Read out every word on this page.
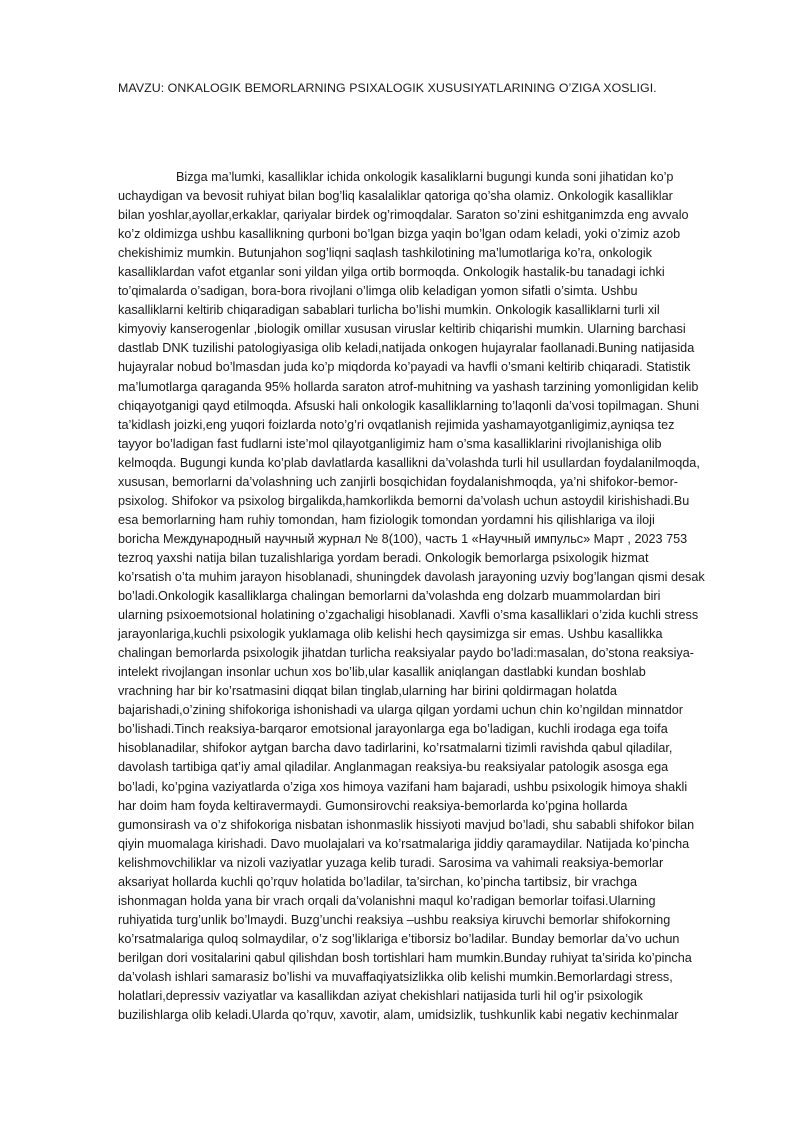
MAVZU: ONKALOGIK BEMORLARNING PSIXALOGIK XUSUSIYATLARINING O’ZIGA XOSLIGI.
Bizga ma’lumki, kasalliklar ichida onkologik kasaliklarni bugungi kunda soni jihatidan ko’p
uchaydigan va bevosit ruhiyat bilan bog’liq kasalaliklar qatoriga qo’sha olamiz. Onkologik kasalliklar
bilan yoshlar,ayollar,erkaklar, qariyalar birdek og’rimoqdalar. Saraton so’zini eshitganimzda eng avvalo
ko’z oldimizga ushbu kasallikning qurboni bo’lgan bizga yaqin bo’lgan odam keladi, yoki o’zimiz azob
chekishimiz mumkin. Butunjahon sog’liqni saqlash tashkilotining ma’lumotlariga ko’ra, onkologik
kasalliklardan vafot etganlar soni yildan yilga ortib bormoqda. Onkologik hastalik-bu tanadagi ichki
to’qimalarda o’sadigan, bora-bora rivojlani o’limga olib keladigan yomon sifatli o’simta. Ushbu
kasalliklarni keltirib chiqaradigan sabablari turlicha bo’lishi mumkin. Onkologik kasalliklarni turli xil
kimyoviy kanserogenlar ,biologik omillar xususan viruslar keltirib chiqarishi mumkin. Ularning barchasi
dastlab DNK tuzilishi patologiyasiga olib keladi,natijada onkogen hujayralar faollanadi.Buning natijasida
hujayralar nobud bo’lmasdan juda ko’p miqdorda ko’payadi va havfli o’smani keltirib chiqaradi. Statistik
ma’lumotlarga qaraganda 95% hollarda saraton atrof-muhitning va yashash tarzining yomonligidan kelib
chiqayotganigi qayd etilmoqda. Afsuski hali onkologik kasalliklarning to’laqonli da’vosi topilmagan. Shuni
ta’kidlash joizki,eng yuqori foizlarda noto’g’ri ovqatlanish rejimida yashamayotganligimiz,ayniqsa tez
tayyor bo’ladigan fast fudlarni iste’mol qilayotganligimiz ham o’sma kasalliklarini rivojlanishiga olib
kelmoqda. Bugungi kunda ko’plab davlatlarda kasallikni da’volashda turli hil usullardan foydalanilmoqda,
xususan, bemorlarni da’volashning uch zanjirli bosqichidan foydalanishmoqda, ya’ni shifokor-bemor-
psixolog. Shifokor va psixolog birgalikda,hamkorlikda bemorni da’volash uchun astoydil kirishishadi.Bu
esa bemorlarning ham ruhiy tomondan, ham fiziologik tomondan yordamni his qilishlariga va iloji
boricha Международный научный журнал № 8(100), часть 1 «Научный импульс» Март , 2023 753
tezroq yaxshi natija bilan tuzalishlariga yordam beradi. Onkologik bemorlarga psixologik hizmat
ko’rsatish o’ta muhim jarayon hisoblanadi, shuningdek davolash jarayoning uzviy bog’langan qismi desak
bo’ladi.Onkologik kasalliklarga chalingan bemorlarni da’volashda eng dolzarb muammolardan biri
ularning psixoemotsional holatining o’zgachaligi hisoblanadi. Xavfli o’sma kasalliklari o’zida kuchli stress
jarayonlariga,kuchli psixologik yuklamaga olib kelishi hech qaysimizga sir emas. Ushbu kasallikka
chalingan bemorlarda psixologik jihatdan turlicha reaksiyalar paydo bo’ladi:masalan, do’stona reaksiya-
intelekt rivojlangan insonlar uchun xos bo’lib,ular kasallik aniqlangan dastlabki kundan boshlab
vrachning har bir ko’rsatmasini diqqat bilan tinglab,ularning har birini qoldirmagan holatda
bajarishadi,o’zining shifokoriga ishonishadi va ularga qilgan yordami uchun chin ko’ngildan minnatdor
bo’lishadi.Tinch reaksiya-barqaror emotsional jarayonlarga ega bo’ladigan, kuchli irodaga ega toifa
hisoblanadilar, shifokor aytgan barcha davo tadirlarini, ko’rsatmalarni tizimli ravishda qabul qiladilar,
davolash tartibiga qat’iy amal qiladilar. Anglanmagan reaksiya-bu reaksiyalar patologik asosga ega
bo’ladi, ko’pgina vaziyatlarda o’ziga xos himoya vazifani ham bajaradi, ushbu psixologik himoya shakli
har doim ham foyda keltiravermaydi. Gumonsirovchi reaksiya-bemorlarda ko’pgina hollarda
gumonsirash va o’z shifokoriga nisbatan ishonmaslik hissiyoti mavjud bo’ladi, shu sababli shifokor bilan
qiyin muomalaga kirishadi. Davo muolajalari va ko’rsatmalariga jiddiy qaramaydilar. Natijada ko’pincha
kelishmovchiliklar va nizoli vaziyatlar yuzaga kelib turadi. Sarosima va vahimali reaksiya-bemorlar
aksariyat hollarda kuchli qo’rquv holatida bo’ladilar, ta’sirchan, ko’pincha tartibsiz, bir vrachga
ishonmagan holda yana bir vrach orqali da’volanishni maqul ko’radigan bemorlar toifasi.Ularning
ruhiyatida turg’unlik bo’lmaydi. Buzg’unchi reaksiya –ushbu reaksiya kiruvchi bemorlar shifokorning
ko’rsatmalariga quloq solmaydilar, o’z sog’liklariga e’tiborsiz bo’ladilar. Bunday bemorlar da’vo uchun
berilgan dori vositalarini qabul qilishdan bosh tortishlari ham mumkin.Bunday ruhiyat ta’sirida ko’pincha
da’volash ishlari samarasiz bo’lishi va muvaffaqiyatsizlikka olib kelishi mumkin.Bemorlardagi stress,
holatlari,depressiv vaziyatlar va kasallikdan aziyat chekishlari natijasida turli hil og’ir psixologik
buzilishlarga olib keladi.Ularda qo’rquv, xavotir, alam, umidsizlik, tushkunlik kabi negativ kechinmalar
